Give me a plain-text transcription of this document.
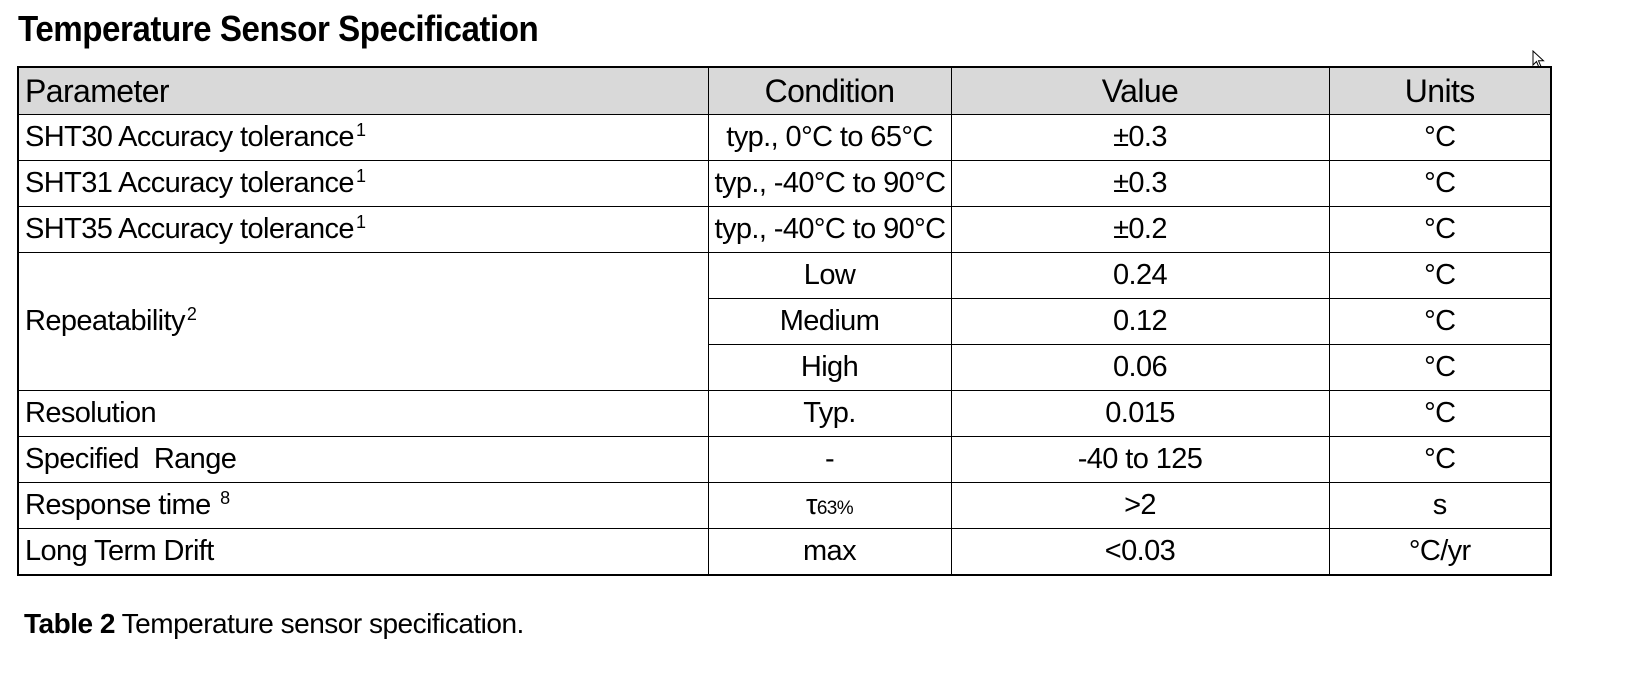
Temperature Sensor Specification
Parameter	Condition	Value	Units
SHT30 Accuracy tolerance $^1$	typ., 0°C to 65°C	±0.3	°C
SHT31 Accuracy tolerance $^1$	typ., -40°C to 90°C	±0.3	°C
SHT35 Accuracy tolerance $^1$	typ., -40°C to 90°C	±0.2	°C
Repeatability $^2$	Low	0.24	°C
	Medium	0.12	°C
	High	0.06	°C
Resolution	Typ.	0.015	°C
Specified  Range	-	-40 to 125	°C
Response time $^8$	τ63%	>2	s
Long Term Drift	max	<0.03	°C/yr
Table 2 Temperature sensor specification.
